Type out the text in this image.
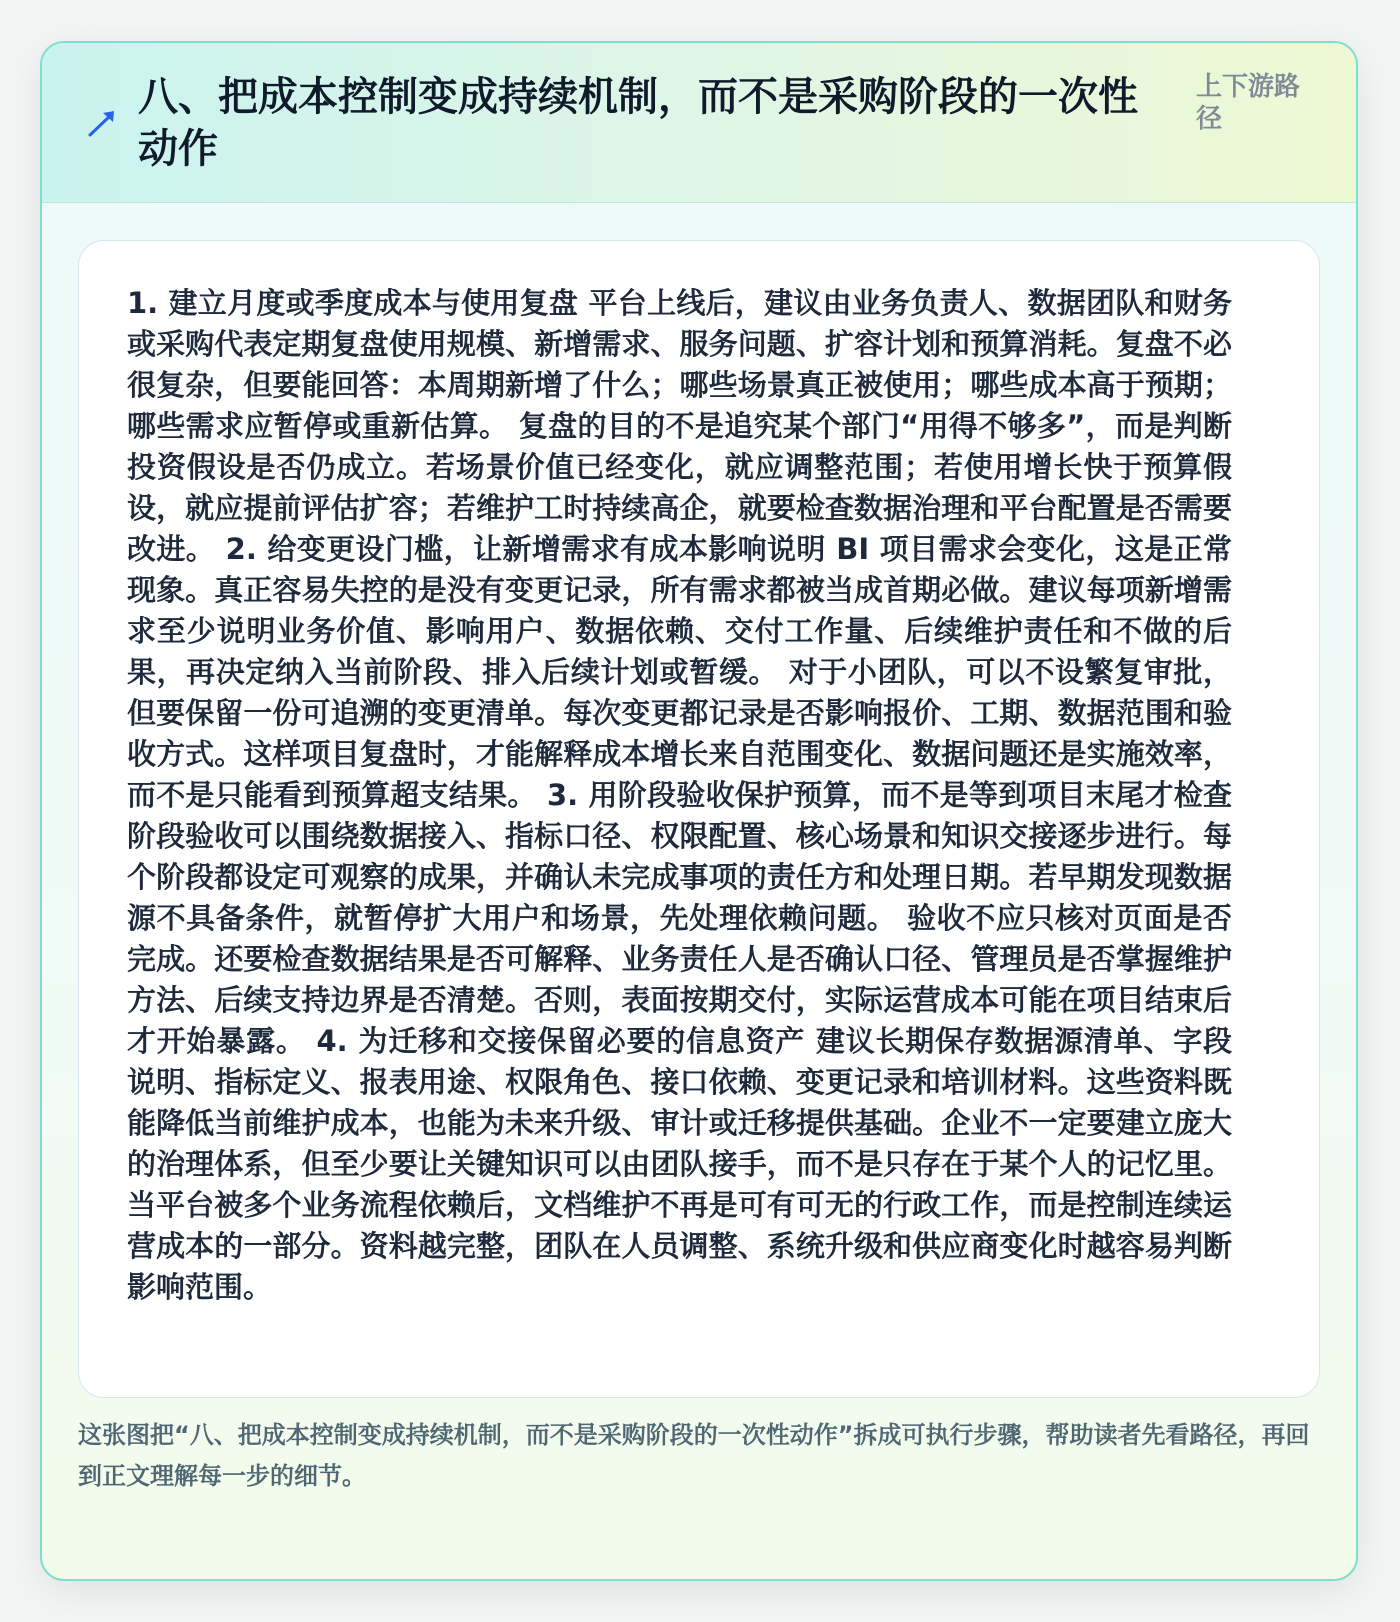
八、把成本控制变成持续机制，而不是采购阶段的一次性动作
上下游路径
1. 建立月度或季度成本与使用复盘 平台上线后，建议由业务负责人、数据团队和财务或采购代表定期复盘使用规模、新增需求、服务问题、扩容计划和预算消耗。复盘不必很复杂，但要能回答：本周期新增了什么；哪些场景真正被使用；哪些成本高于预期；哪些需求应暂停或重新估算。 复盘的目的不是追究某个部门“用得不够多”，而是判断投资假设是否仍成立。若场景价值已经变化，就应调整范围；若使用增长快于预算假设，就应提前评估扩容；若维护工时持续高企，就要检查数据治理和平台配置是否需要改进。 2. 给变更设门槛，让新增需求有成本影响说明 BI 项目需求会变化，这是正常现象。真正容易失控的是没有变更记录，所有需求都被当成首期必做。建议每项新增需求至少说明业务价值、影响用户、数据依赖、交付工作量、后续维护责任和不做的后果，再决定纳入当前阶段、排入后续计划或暂缓。 对于小团队，可以不设繁复审批，但要保留一份可追溯的变更清单。每次变更都记录是否影响报价、工期、数据范围和验收方式。这样项目复盘时，才能解释成本增长来自范围变化、数据问题还是实施效率，而不是只能看到预算超支结果。 3. 用阶段验收保护预算，而不是等到项目末尾才检查 阶段验收可以围绕数据接入、指标口径、权限配置、核心场景和知识交接逐步进行。每个阶段都设定可观察的成果，并确认未完成事项的责任方和处理日期。若早期发现数据源不具备条件，就暂停扩大用户和场景，先处理依赖问题。 验收不应只核对页面是否完成。还要检查数据结果是否可解释、业务责任人是否确认口径、管理员是否掌握维护方法、后续支持边界是否清楚。否则，表面按期交付，实际运营成本可能在项目结束后才开始暴露。 4. 为迁移和交接保留必要的信息资产 建议长期保存数据源清单、字段说明、指标定义、报表用途、权限角色、接口依赖、变更记录和培训材料。这些资料既能降低当前维护成本，也能为未来升级、审计或迁移提供基础。企业不一定要建立庞大的治理体系，但至少要让关键知识可以由团队接手，而不是只存在于某个人的记忆里。 当平台被多个业务流程依赖后，文档维护不再是可有可无的行政工作，而是控制连续运营成本的一部分。资料越完整，团队在人员调整、系统升级和供应商变化时越容易判断影响范围。
这张图把“八、把成本控制变成持续机制，而不是采购阶段的一次性动作”拆成可执行步骤，帮助读者先看路径，再回到正文理解每一步的细节。
